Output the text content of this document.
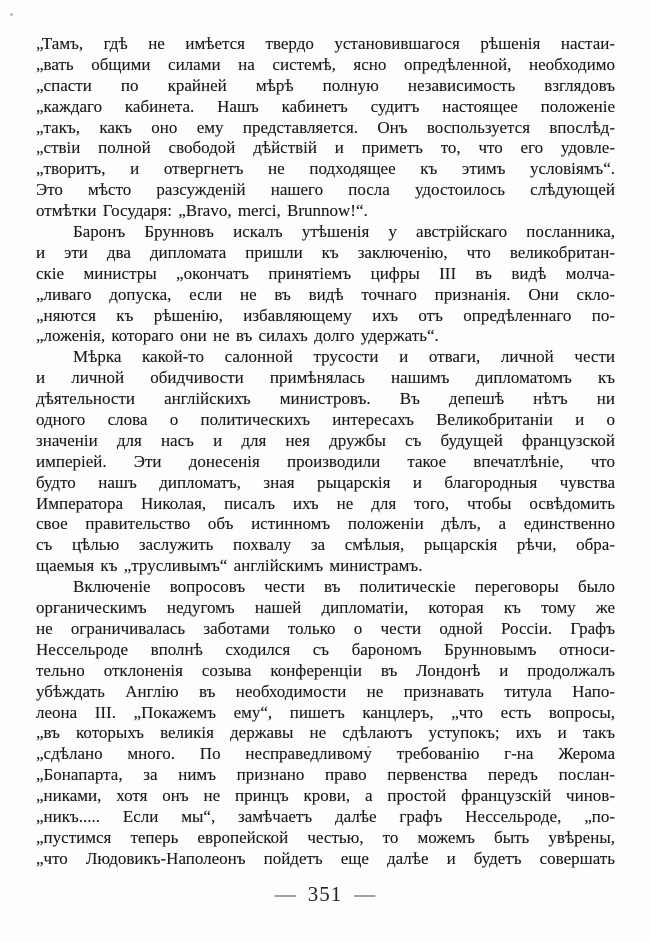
„Тамъ, гдѣ не имѣется твердо установившагося рѣшенія настаи-
„вать общими силами на системѣ, ясно опредѣленной, необходимо
„спасти по крайней мѣрѣ полную независимость взглядовъ
„каждаго кабинета. Нашъ кабинетъ судитъ настоящее положеніе
„такъ, какъ оно ему представляется. Онъ воспользуется впослѣд-
„ствіи полной свободой дѣйствій и приметъ то, что его удовле-
„творитъ, и отвергнетъ не подходящее къ этимъ условіямъ“.
Это мѣсто разсужденій нашего посла удостоилось слѣдующей
отмѣтки Государя: „Bravo, merci, Brunnow!“.
Баронъ Брунновъ искалъ утѣшенія у австрійскаго посланника,
и эти два дипломата пришли къ заключенію, что великобритан-
скіе министры „окончатъ принятіемъ цифры III въ видѣ молча-
„ливаго допуска, если не въ видѣ точнаго признанія. Они скло-
„няются къ рѣшенію, избавляющему ихъ отъ опредѣленнаго по-
„ложенія, котораго они не въ силахъ долго удержать“.
Мѣрка какой-то салонной трусости и отваги, личной чести
и личной обидчивости примѣнялась нашимъ дипломатомъ къ
дѣятельности англійскихъ министровъ. Въ депешѣ нѣтъ ни
одного слова о политическихъ интересахъ Великобританіи и о
значеніи для насъ и для нея дружбы съ будущей французской
имперіей. Эти донесенія производили такое впечатлѣніе, что
будто нашъ дипломатъ, зная рыцарскія и благородныя чувства
Императора Николая, писалъ ихъ не для того, чтобы освѣдомить
свое правительство объ истинномъ положеніи дѣлъ, а единственно
съ цѣлью заслужить похвалу за смѣлыя, рыцарскія рѣчи, обра-
щаемыя къ „трусливымъ“ англійскимъ министрамъ.
Включеніе вопросовъ чести въ политическіе переговоры было
органическимъ недугомъ нашей дипломатіи, которая къ тому же
не ограничивалась заботами только о чести одной Россіи. Графъ
Нессельроде вполнѣ сходился съ барономъ Брунновымъ относи-
тельно отклоненія созыва конференціи въ Лондонѣ и продолжалъ
убѣждать Англію въ необходимости не признавать титула Напо-
леона III. „Покажемъ ему“, пишетъ канцлеръ, „что есть вопросы,
„въ которыхъ великія державы не сдѣлаютъ уступокъ; ихъ и такъ
„сдѣлано много. По несправедливому требованію г-на Жерома
„Бонапарта, за нимъ признано право первенства передъ послан-
„никами, хотя онъ не принцъ крови, а простой французскій чинов-
„никъ..... Если мы“, замѣчаетъ далѣе графъ Нессельроде, „по-
„пустимся теперь европейской честью, то можемъ быть увѣрены,
„что Людовикъ-Наполеонъ пойдетъ еще далѣе и будетъ совершать
— 351 —
